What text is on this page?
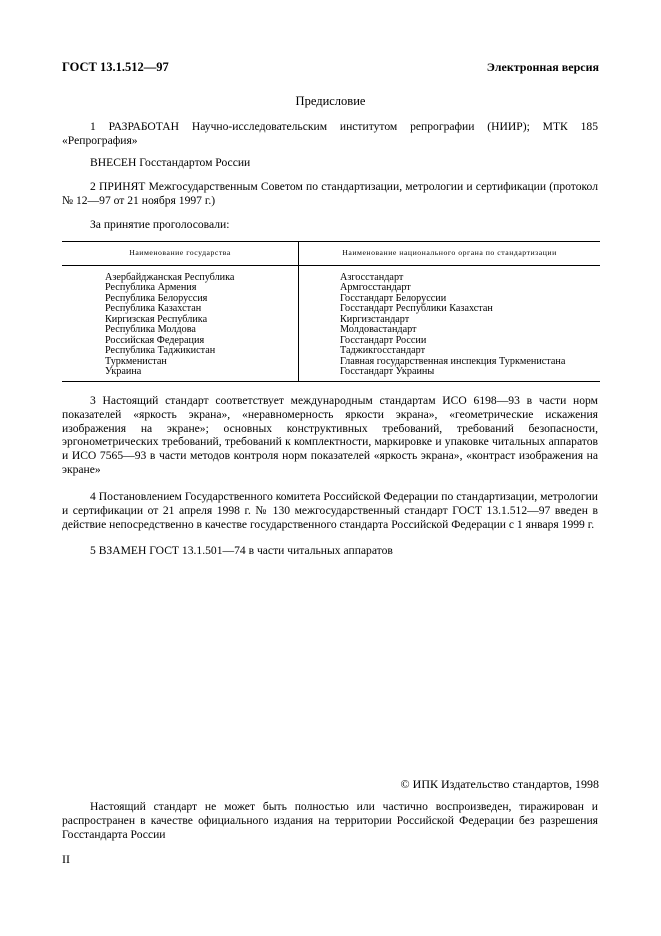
ГОСТ 13.1.512—97	Электронная версия
Предисловие
1 РАЗРАБОТАН Научно-исследовательским институтом репрографии (НИИР); МТК 185 «Репрография»
ВНЕСЕН Госстандартом России
2 ПРИНЯТ Межгосударственным Советом по стандартизации, метрологии и сертификации (протокол № 12—97 от 21 ноября 1997 г.)
За принятие проголосовали:
Наименование государства	Наименование национального органа по стандартизации
Азербайджанская Республика	Азгосстандарт
Республика Армения	Армгосстандарт
Республика Белоруссия	Госстандарт Белоруссии
Республика Казахстан	Госстандарт Республики Казахстан
Киргизская Республика	Киргизстандарт
Республика Молдова	Молдовастандарт
Российская Федерация	Госстандарт России
Республика Таджикистан	Таджикгосстандарт
Туркменистан	Главная государственная инспекция Туркменистана
Украина	Госстандарт Украины
3 Настоящий стандарт соответствует международным стандартам ИСО 6198—93 в части норм показателей «яркость экрана», «неравномерность яркости экрана», «геометрические искажения изображения на экране»; основных конструктивных требований, требований безопасности, эргонометрических требований, требований к комплектности, маркировке и упаковке читальных аппаратов и ИСО 7565—93 в части методов контроля норм показателей «яркость экрана», «контраст изображения на экране»
4 Постановлением Государственного комитета Российской Федерации по стандартизации, метрологии и сертификации от 21 апреля 1998 г. № 130 межгосударственный стандарт ГОСТ 13.1.512—97 введен в действие непосредственно в качестве государственного стандарта Российской Федерации с 1 января 1999 г.
5 ВЗАМЕН ГОСТ 13.1.501—74 в части читальных аппаратов
© ИПК Издательство стандартов, 1998
Настоящий стандарт не может быть полностью или частично воспроизведен, тиражирован и распространен в качестве официального издания на территории Российской Федерации без разрешения Госстандарта России
II
